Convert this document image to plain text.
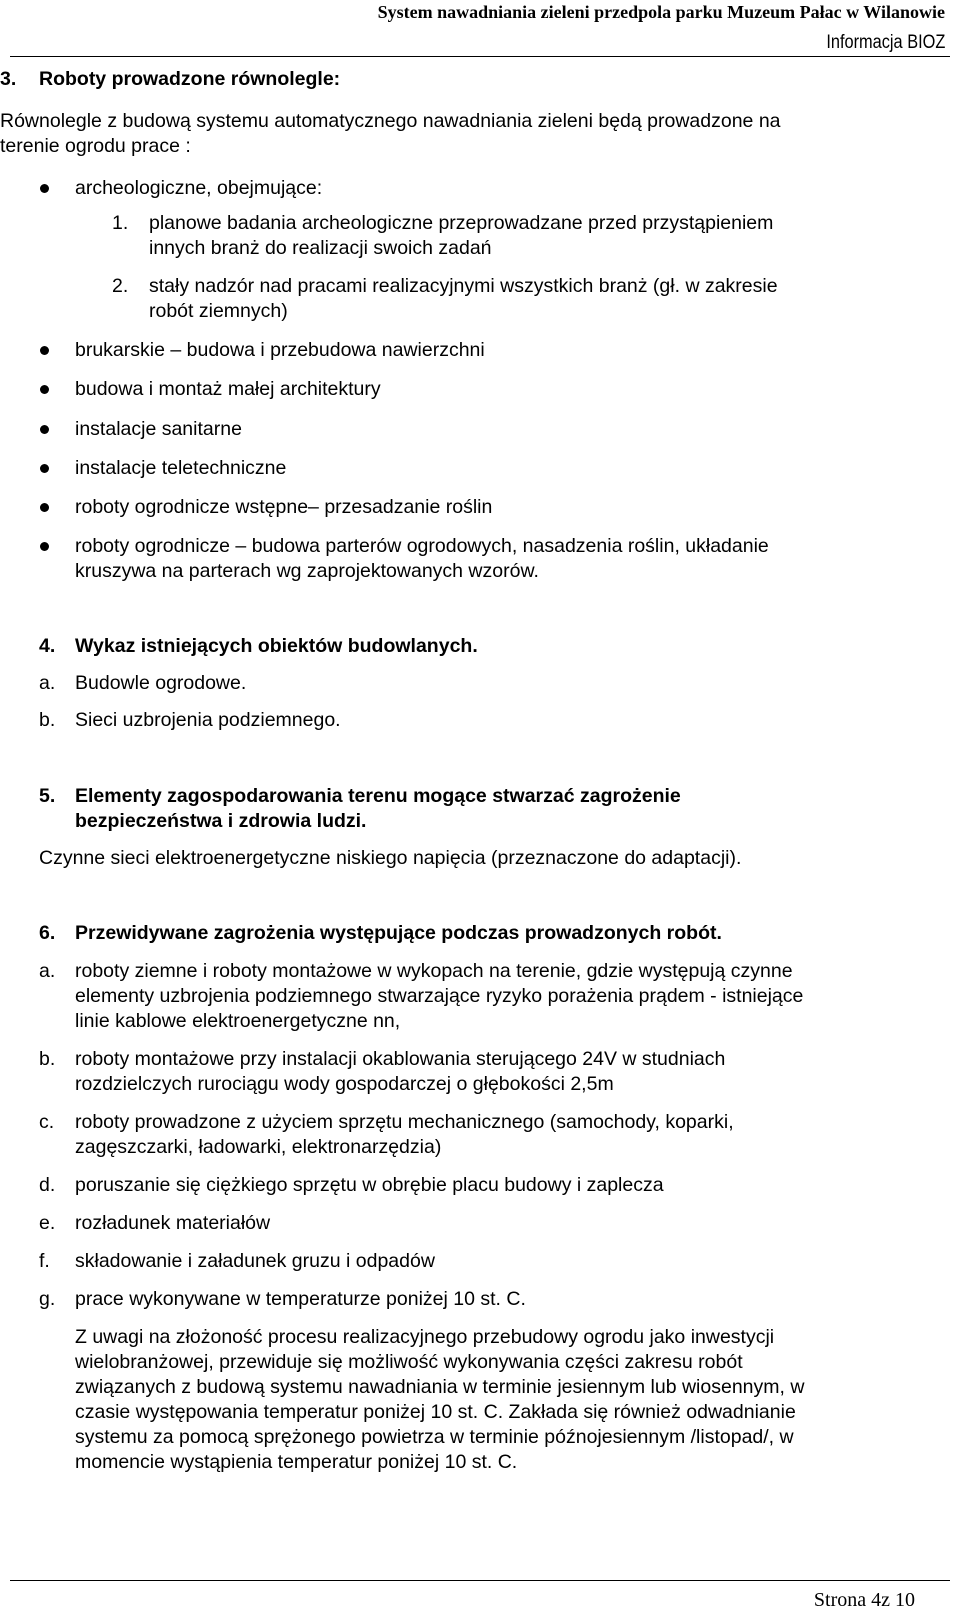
System nawadniania zieleni przedpola parku Muzeum Pałac w Wilanowie
Informacja BIOZ
3. Roboty prowadzone równolegle:
Równolegle z budową systemu automatycznego nawadniania zieleni będą prowadzone na
terenie ogrodu prace :
archeologiczne, obejmujące:
1. planowe badania archeologiczne przeprowadzane przed przystąpieniem
innych branż do realizacji swoich zadań
2. stały nadzór nad pracami realizacyjnymi wszystkich branż (gł. w zakresie
robót ziemnych)
brukarskie – budowa i przebudowa nawierzchni
budowa i montaż małej architektury
instalacje sanitarne
instalacje teletechniczne
roboty ogrodnicze wstępne– przesadzanie roślin
roboty ogrodnicze – budowa parterów ogrodowych, nasadzenia roślin, układanie
kruszywa na parterach wg zaprojektowanych wzorów.
4. Wykaz istniejących obiektów budowlanych.
a. Budowle ogrodowe.
b. Sieci uzbrojenia podziemnego.
5. Elementy zagospodarowania terenu mogące stwarzać zagrożenie
bezpieczeństwa i zdrowia ludzi.
Czynne sieci elektroenergetyczne niskiego napięcia (przeznaczone do adaptacji).
6. Przewidywane zagrożenia występujące podczas prowadzonych robót.
a. roboty ziemne i roboty montażowe w wykopach na terenie, gdzie występują czynne
elementy uzbrojenia podziemnego stwarzające ryzyko porażenia prądem - istniejące
linie kablowe elektroenergetyczne nn,
b. roboty montażowe przy instalacji okablowania sterującego 24V w studniach
rozdzielczych rurociągu wody gospodarczej o głębokości 2,5m
c. roboty prowadzone z użyciem sprzętu mechanicznego (samochody, koparki,
zagęszczarki, ładowarki, elektronarzędzia)
d. poruszanie się ciężkiego sprzętu w obrębie placu budowy i zaplecza
e. rozładunek materiałów
f. składowanie i załadunek gruzu i odpadów
g. prace wykonywane w temperaturze poniżej 10 st. C.
Z uwagi na złożoność procesu realizacyjnego przebudowy ogrodu jako inwestycji
wielobranżowej, przewiduje się możliwość wykonywania części zakresu robót
związanych z budową systemu nawadniania w terminie jesiennym lub wiosennym, w
czasie występowania temperatur poniżej 10 st. C. Zakłada się również odwadnianie
systemu za pomocą sprężonego powietrza w terminie późnojesiennym /listopad/, w
momencie wystąpienia temperatur poniżej 10 st. C.
Strona 4z 10
